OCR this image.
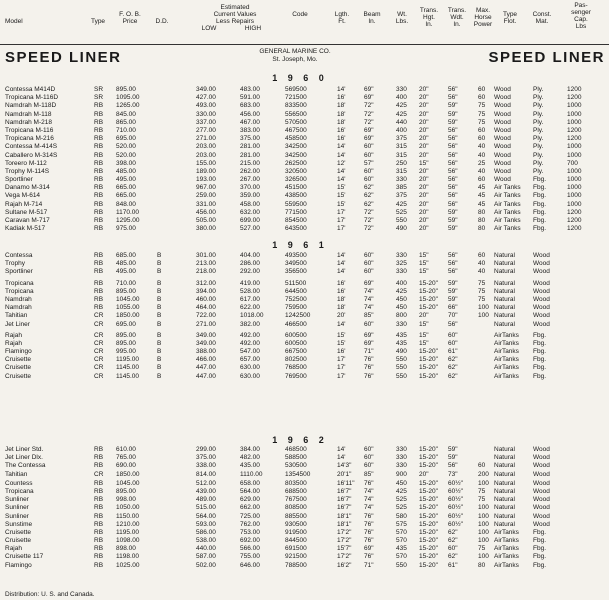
Model	Type
F. O. B.
Price	D.D.
Estimated
Current Values
Less Repairs
LOW	HIGH
Code	Lgth.
Ft.
Beam
In.
Wt.
Lbs.
Trans.
Hgt.
In.
Trans.
Wdt.
In.
Max.
Horse
Power
Type
Flot.
Const.
Mat.
Pas-
senger
Cap.
Lbs
SPEED LINER	GENERAL MARINE CO.
St. Joseph, Mo.	SPEED LINER
1 9 6 0
Contessa M414D	SR 895.00	349.00	483.00	569500	14'	69"	330 20"	56"	60 Wood	Ply.	1200
Tropicana M-116D	SR 1095.00	427.00	591.00	721500	16'	69"	400 20"	56"	60 Wood	Ply.	1200
Namdrah M-118D	RB 1265.00	493.00	683.00	833500	18'	72"	425 20"	59"	75 Wood	Ply.	1000
Namdrah M-118	RB 845.00	330.00	456.00	556500	18'	72"	425 20"	59"	75 Wood	Ply.	1000
Namdrah M-218	RB 865.00	337.00	467.00	570500	18'	72"	440 20"	59"	75 Wood	Ply.	1000
Tropicana M-116	RB 710.00	277.00	383.00	467500	16'	69"	400 20"	56"	60 Wood	Ply.	1200
Tropicana M-216	RB 695.00	271.00	375.00	458500	16'	69"	375 20"	56"	60 Wood	Ply.	1200
Contessa M-414S	RB 520.00	203.00	281.00	342500	14'	60"	315 20"	56"	40 Wood	Ply.	1000
Caballero M-314S	RB 520.00	203.00	281.00	342500	14'	60"	315 20"	56"	40 Wood	Ply.	1000
Toreero M-112	RB 398.00	155.00	215.00	262500	12'	57"	250 15"	56"	25 Wood	Ply.	700
Trophy M-114S	RB 485.00	189.00	262.00	320500	14'	60"	315 20"	56"	40 Wood	Ply.	1000
Sportliner	RB 495.00	193.00	267.00	326500	14'	60"	330 20"	56"	60 Wood	Fbg.	1000
Danamo M-314	RB 665.00	967.00	370.00	451500	15'	62"	385 20"	56"	45 Air Tanks Fbg.	1000
Vega M-614	RB 665.00	259.00	359.00	438500	15'	62"	375 20"	56"	45 Air Tanks Fbg.	1000
Rajah M-714	RB 848.00	331.00	458.00	559500	15'	62"	425 20"	56"	45 Air Tanks Fbg.	1000
Sultane M-517	RB 1170.00	456.00	632.00	771500	17'	72"	525 20"	59"	80 Air Tanks Fbg.	1200
Caravan M-717	RB 1295.00	505.00	699.00	854500	17'	72"	550 20"	59"	80 Air Tanks Fbg.	1200
Kadiak M-517	RB 975.00	380.00	527.00	643500	17'	72"	490 20"	59"	80 Air Tanks Fbg.	1200
1 9 6 1
Contessa	RB 685.00	B	301.00	404.00	493500	14'	60"	330 15"	56"	60 Natural	Wood
Trophy	RB 485.00	B	213.00	286.00	349500	14'	60"	325 15"	56"	40 Natural	Wood
Sportliner	RB 495.00	B	218.00	292.00	356500	14'	60"	330 15"	56"	40 Natural	Wood
Tropicana	RB 710.00	B	312.00	419.00	511500	16'	69"	400 15-20" 59"	75 Natural	Wood
Tropicana	RB 895.00	B	394.00	528.00	644500	16'	74"	425 15-20" 59"	75 Natural	Wood
Namdrah	RB 1045.00	B	460.00	617.00	752500	18'	74"	450 15-20" 59"	75 Natural	Wood
Namdrah	RB 1055.00	B	464.00	622.00	759500	18'	74"	450 15-20" 66"	100 Natural	Wood
Tahitian	CR 1850.00	B	722.00	1018.00	1242500	20'	85"	800 20"	70"	100 Natural	Wood
Jet Liner	CR 695.00	B	271.00	382.00	466500	14'	60"	330 15"	56"	Natural	Wood
Rajah	CR 895.00	B	349.00	492.00	600500	15'	69"	435 15"	60"	AirTanks Fbg.
Rajah	CR 895.00	B	349.00	492.00	600500	15'	69"	435 15"	60"	AirTanks Fbg.
Flamingo	CR 995.00	B	388.00	547.00	667500	16'	71"	490 15-20" 61"	AirTanks Fbg.
Cruisette	CR 1195.00	B	466.00	657.00	802500	17'	76"	550 15-20" 62"	AirTanks Fbg.
Cruisette	CR 1145.00	B	447.00	630.00	768500	17'	76"	550 15-20" 62"	AirTanks Fbg.
Cruisette	CR 1145.00	B	447.00	630.00	769500	17'	76"	550 15-20" 62"	AirTanks Fbg.
1 9 6 2
Jet Liner Std.	RB 610.00	299.00	384.00	468500	14'	60"	330 15-20" 59"	Natural	Wood
Jet Liner Dlx.	RB 765.00	375.00	482.00	588500	14'	60"	330 15-20" 59"	Natural	Wood
The Contessa	RB 690.00	338.00	435.00	530500	14'3" 60"	330 15-20" 56"	60 Natural	Wood
Tahitian	CR 1850.00	814.00	1110.00	1354500	20'1" 85"	900 20"	73"	200 Natural	Wood
Countess	RB 1045.00	512.00	658.00	803500	16'11" 76"	450 15-20" 60½" 100 Natural	Wood
Tropicana	RB 895.00	439.00	564.00	688500	16'7" 74"	425 15-20" 60½" 75 Natural	Wood
Sunliner	RB 998.00	489.00	629.00	767500	16'7" 74"	525 15-20" 60½" 75 Natural	Wood
Sunliner	RB 1050.00	515.00	662.00	808500	16'7" 74"	525 15-20" 60½" 100 Natural	Wood
Sunliner	RB 1150.00	564.00	725.00	885500	18'1" 76"	580 15-20" 60½" 100 Natural	Wood
Sunstime	RB 1210.00	593.00	762.00	930500	18'1" 76"	575 15-20" 60½" 100 Natural	Wood
Cruisette	RB 1195.00	586.00	753.00	919500	17'2" 76"	570 15-20" 62"	100 AirTanks Fbg.
Cruisette	RB 1098.00	538.00	692.00	844500	17'2" 76"	570 15-20" 62"	100 AirTanks Fbg.
Rajah	RB 898.00	440.00	566.00	691500	15'7" 69"	435 15-20" 60"	75 AirTanks Fbg.
Cruisette 117	RB 1198.00	587.00	755.00	921500	17'2" 76"	570 15-20" 62"	100 AirTanks Fbg.
Flamingo	RB 1025.00	502.00	646.00	788500	16'2" 71"	550 15-20" 61"	80 AirTanks Fbg.
Distribution: U. S. and Canada.
